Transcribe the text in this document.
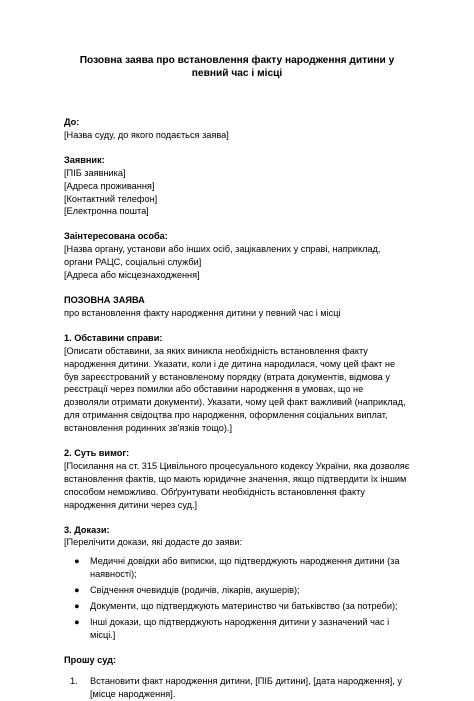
Позовна заява про встановлення факту народження дитини у певний час і місці

До:

[Назва суду, до якого подається заява]

Заявник:

[ПІБ заявника]

[Адреса проживання]

[Контактний телефон]

[Електронна пошта]

Заінтересована особа:

[Назва органу, установи або інших осіб, зацікавлених у справі, наприклад, органи РАЦС, соціальні служби]

[Адреса або місцезнаходження]

ПОЗОВНА ЗАЯВА

про встановлення факту народження дитини у певний час і місці

1. Обставини справи:

[Описати обставини, за яких виникла необхідність встановлення факту народження дитини. Указати, коли і де дитина народилася, чому цей факт не був зареєстрований у встановленому порядку (втрата документів, відмова у реєстрації через помилки або обставини народження в умовах, що не дозволяли отримати документи). Указати, чому цей факт важливий (наприклад, для отримання свідоцтва про народження, оформлення соціальних виплат, встановлення родинних зв'язків тощо).]

2. Суть вимог:

[Посилання на ст. 315 Цивільного процесуального кодексу України, яка дозволяє встановлення фактів, що мають юридичне значення, якщо підтвердити їх іншим способом неможливо. Обґрунтувати необхідність встановлення факту народження дитини через суд.]

3. Докази:

[Перелічити докази, які додасте до заяви:

● Медичні довідки або виписки, що підтверджують народження дитини (за наявності);
● Свідчення очевидців (родичів, лікарів, акушерів);
● Документи, що підтверджують материнство чи батьківство (за потреби);
● Інші докази, що підтверджують народження дитини у зазначений час і місці.]

Прошу суд:

1. Встановити факт народження дитини, [ПІБ дитини], [дата народження], у [місце народження].
